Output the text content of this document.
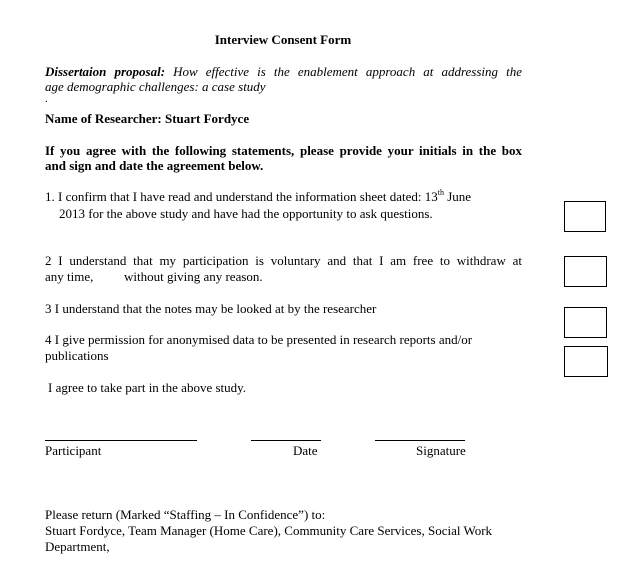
Interview Consent Form
Dissertaion proposal: How effective is the enablement approach at addressing the
age demographic challenges: a case study
.
Name of Researcher: Stuart Fordyce
If you agree with the following statements, please provide your initials in the box
and sign and date the agreement below.
1. I confirm that I have read and understand the information sheet dated: 13th June
2013 for the above study and have had the opportunity to ask questions.
2 I understand that my participation is voluntary and that I am free to withdraw at
any time, without giving any reason.
3 I understand that the notes may be looked at by the researcher
4 I give permission for anonymised data to be presented in research reports and/or
publications
I agree to take part in the above study.
Participant	Date	Signature
Please return (Marked “Staffing – In Confidence”) to:
Stuart Fordyce, Team Manager (Home Care), Community Care Services, Social Work
Department,
